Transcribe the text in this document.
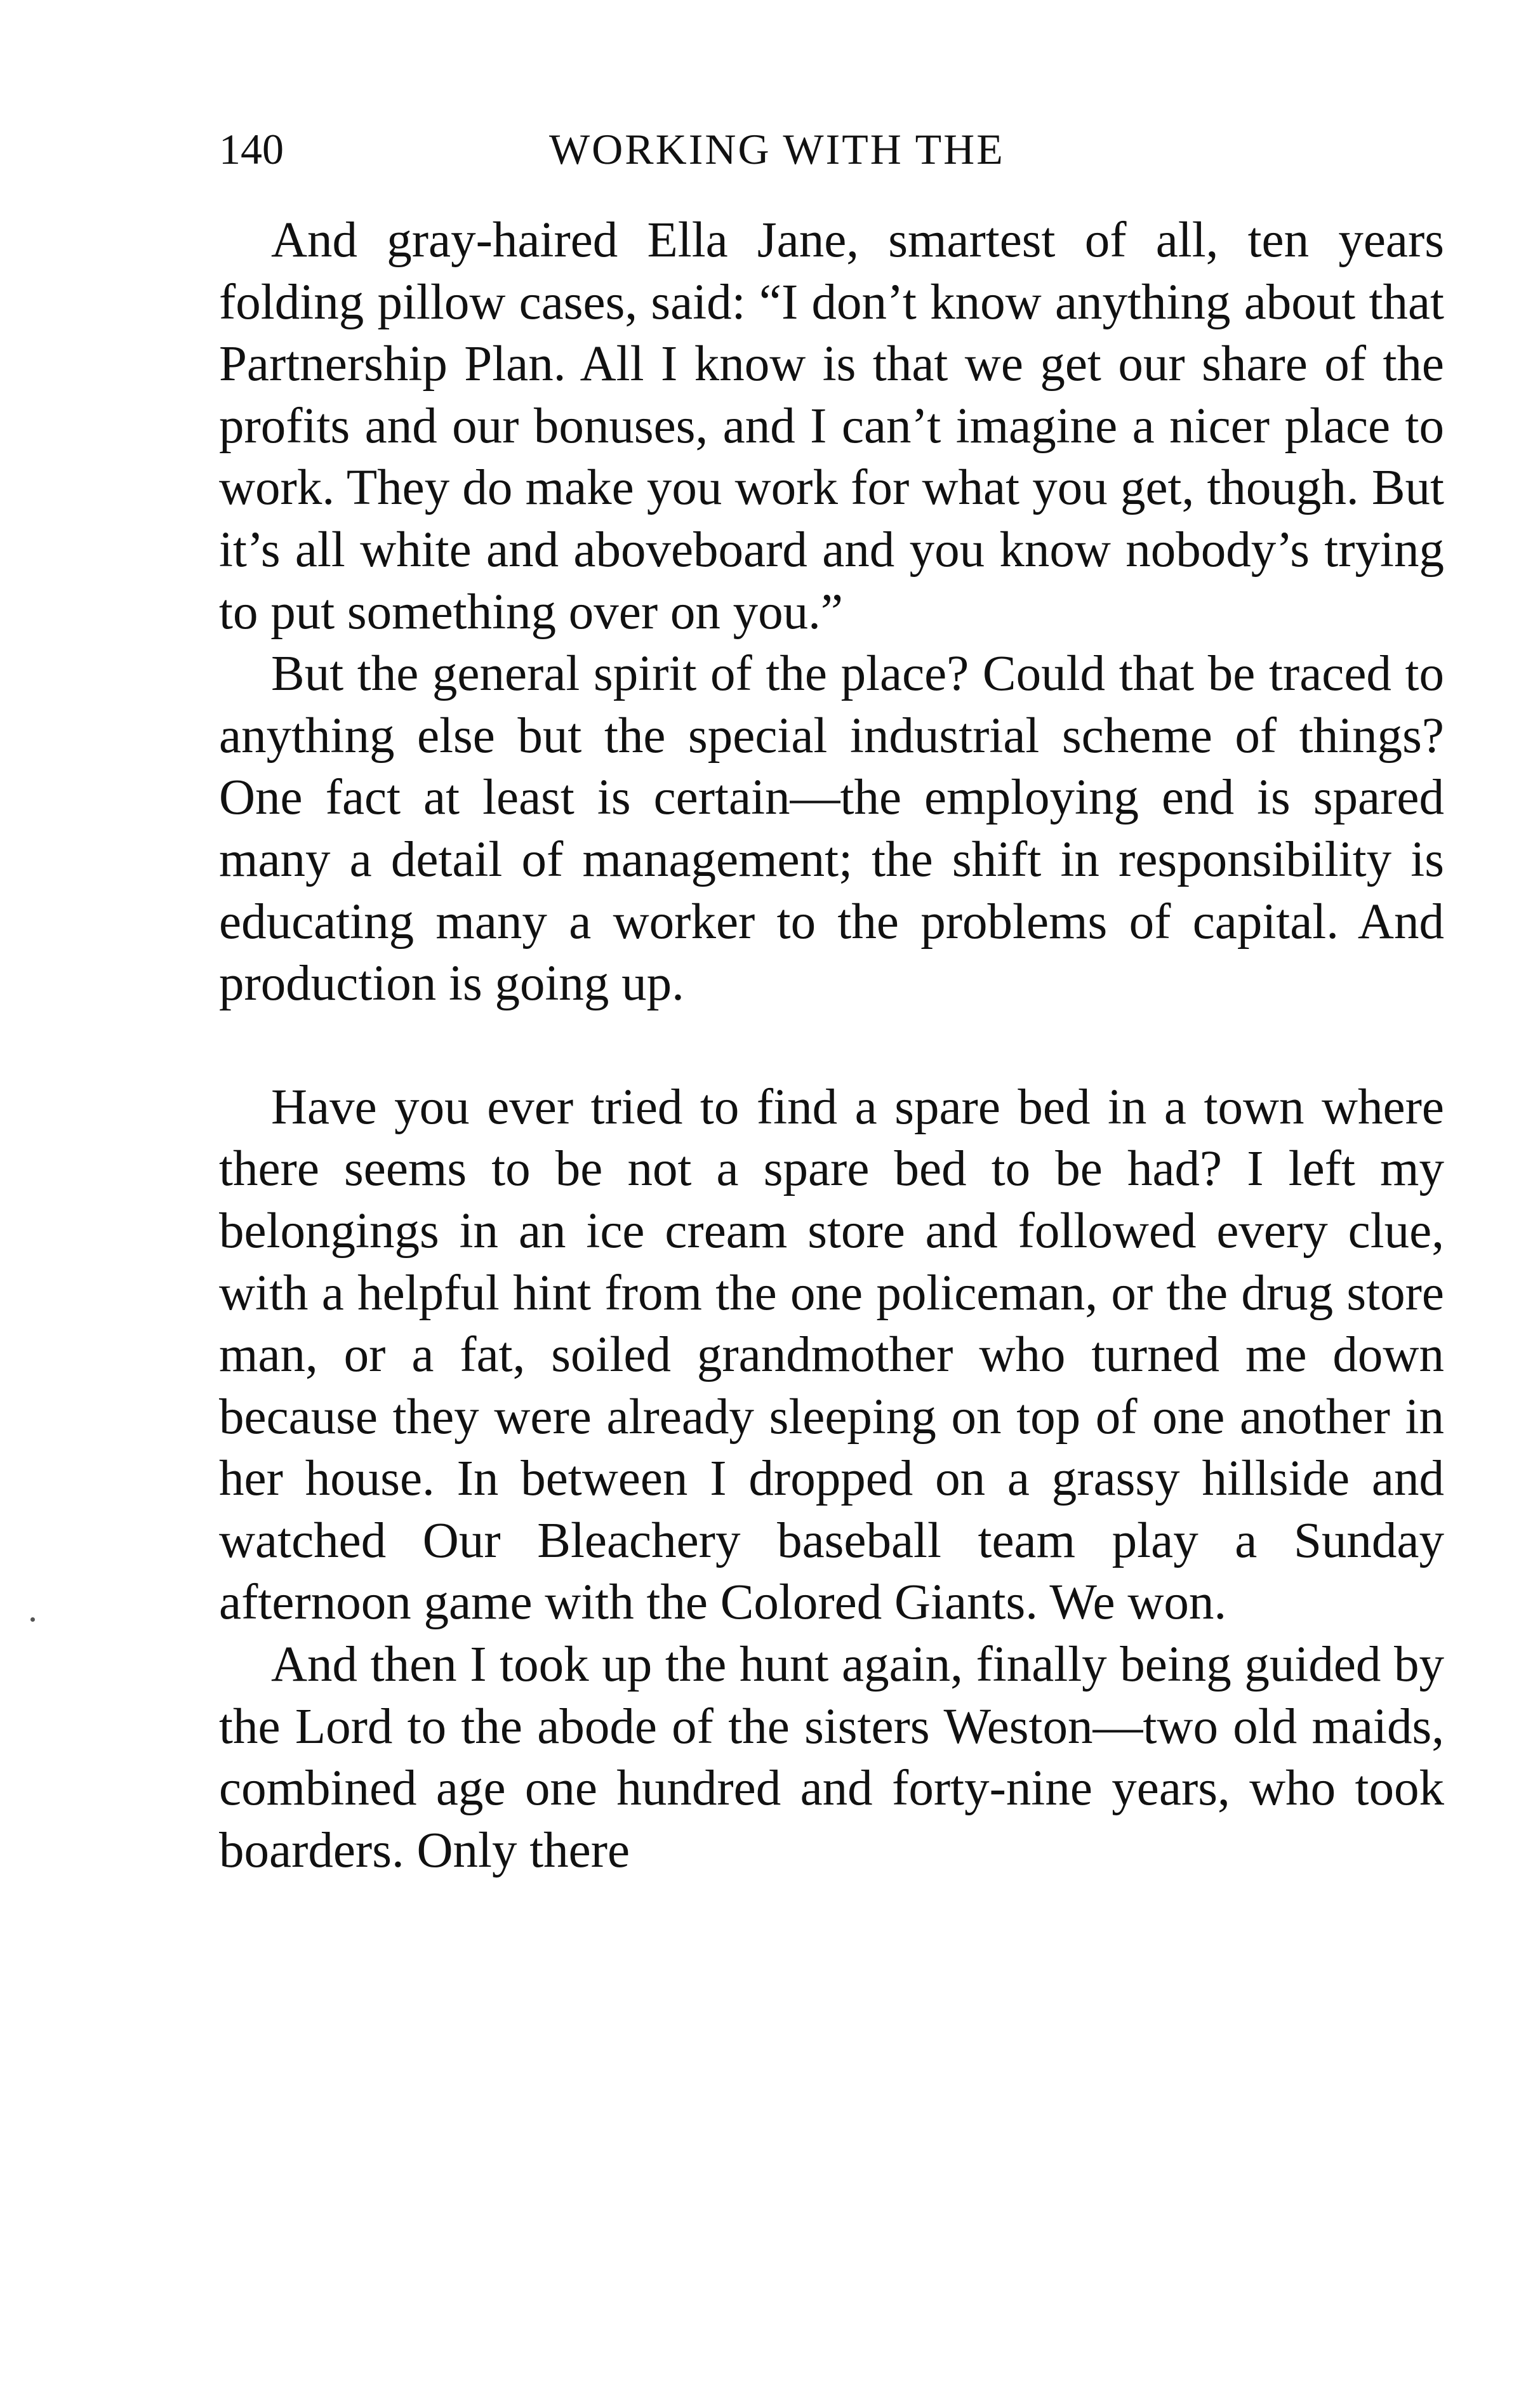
140	WORKING WITH THE

And gray-haired Ella Jane, smartest of all, ten years folding pillow cases, said: “I don’t know anything about that Partnership Plan. All I know is that we get our share of the profits and our bonuses, and I can’t imagine a nicer place to work. They do make you work for what you get, though. But it’s all white and aboveboard and you know nobody’s trying to put something over on you.”

But the general spirit of the place? Could that be traced to anything else but the special industrial scheme of things? One fact at least is certain—the employing end is spared many a detail of management; the shift in responsibility is educating many a worker to the problems of capital. And production is going up.

Have you ever tried to find a spare bed in a town where there seems to be not a spare bed to be had? I left my belongings in an ice cream store and followed every clue, with a helpful hint from the one policeman, or the drug store man, or a fat, soiled grandmother who turned me down because they were already sleeping on top of one another in her house. In between I dropped on a grassy hillside and watched Our Bleachery baseball team play a Sunday afternoon game with the Colored Giants. We won.

And then I took up the hunt again, finally being guided by the Lord to the abode of the sisters Weston—two old maids, combined age one hundred and forty-nine years, who took boarders. Only there
